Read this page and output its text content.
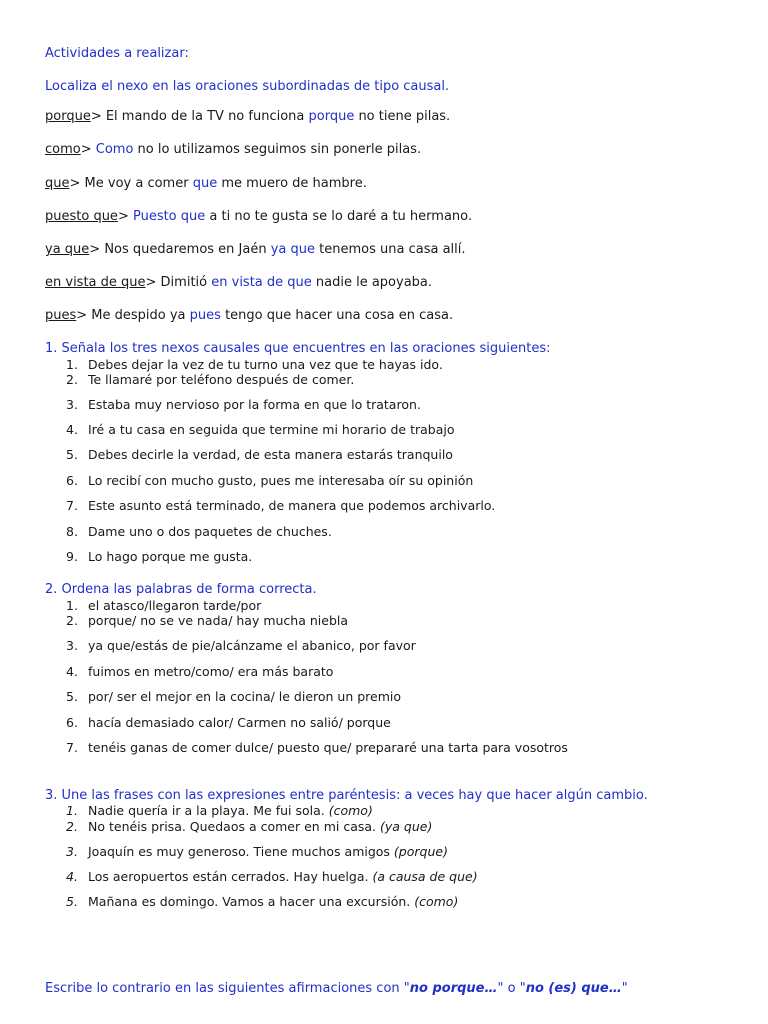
Actividades a realizar:
Localiza el nexo en las oraciones subordinadas de tipo causal.
porque> El mando de la TV no funciona porque no tiene pilas.
como> Como no lo utilizamos seguimos sin ponerle pilas.
que> Me voy a comer que me muero de hambre.
puesto que> Puesto que a ti no te gusta se lo daré a tu hermano.
ya que> Nos quedaremos en Jaén ya que tenemos una casa allí.
en vista de que> Dimitió en vista de que nadie le apoyaba.
pues> Me despido ya pues tengo que hacer una cosa en casa.
1. Señala los tres nexos causales que encuentres en las oraciones siguientes:
1. Debes dejar la vez de tu turno una vez que te hayas ido.
2. Te llamaré por teléfono después de comer.
3. Estaba muy nervioso por la forma en que lo trataron.
4. Iré a tu casa en seguida que termine mi horario de trabajo
5. Debes decirle la verdad, de esta manera estarás tranquilo
6. Lo recibí con mucho gusto, pues me interesaba oír su opinión
7. Este asunto está terminado, de manera que podemos archivarlo.
8. Dame uno o dos paquetes de chuches.
9. Lo hago porque me gusta.
2. Ordena las palabras de forma correcta.
1. el atasco/llegaron tarde/por
2. porque/ no se ve nada/ hay mucha niebla
3. ya que/estás de pie/alcánzame el abanico, por favor
4. fuimos en metro/como/ era más barato
5. por/ ser el mejor en la cocina/ le dieron un premio
6. hacía demasiado calor/ Carmen no salió/ porque
7. tenéis ganas de comer dulce/ puesto que/ prepararé una tarta para vosotros
3. Une las frases con las expresiones entre paréntesis: a veces hay que hacer algún cambio.
1. Nadie quería ir a la playa. Me fui sola. (como)
2. No tenéis prisa. Quedaos a comer en mi casa. (ya que)
3. Joaquín es muy generoso. Tiene muchos amigos (porque)
4. Los aeropuertos están cerrados. Hay huelga. (a causa de que)
5. Mañana es domingo. Vamos a hacer una excursión. (como)
Escribe lo contrario en las siguientes afirmaciones con "no porque…" o "no (es) que…"
